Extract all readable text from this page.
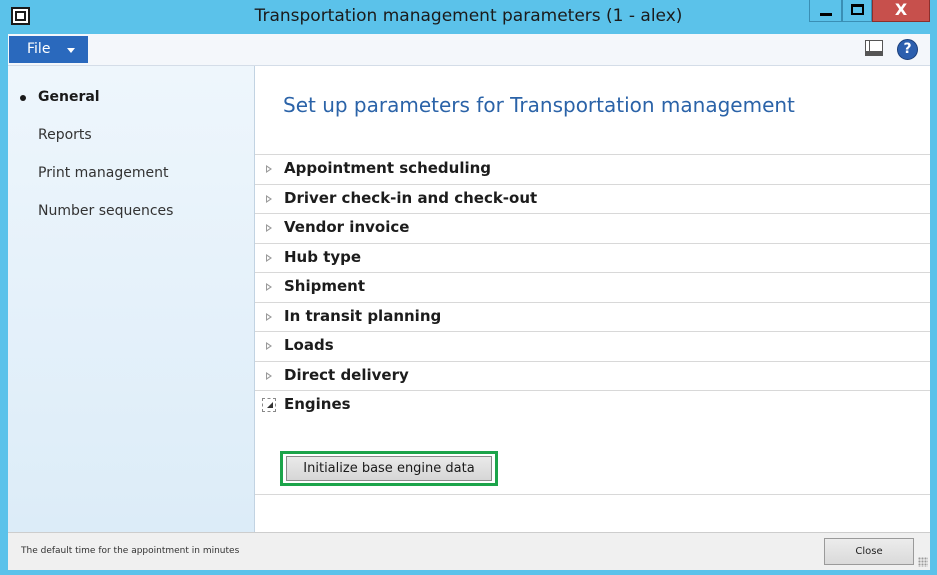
Transportation management parameters (1 - alex)	X
File	?
General
Reports
Print management
Number sequences
Set up parameters for Transportation management
Appointment scheduling
Driver check-in and check-out
Vendor invoice
Hub type
Shipment
In transit planning
Loads
Direct delivery
Engines
Initialize base engine data
The default time for the appointment in minutes	Close
